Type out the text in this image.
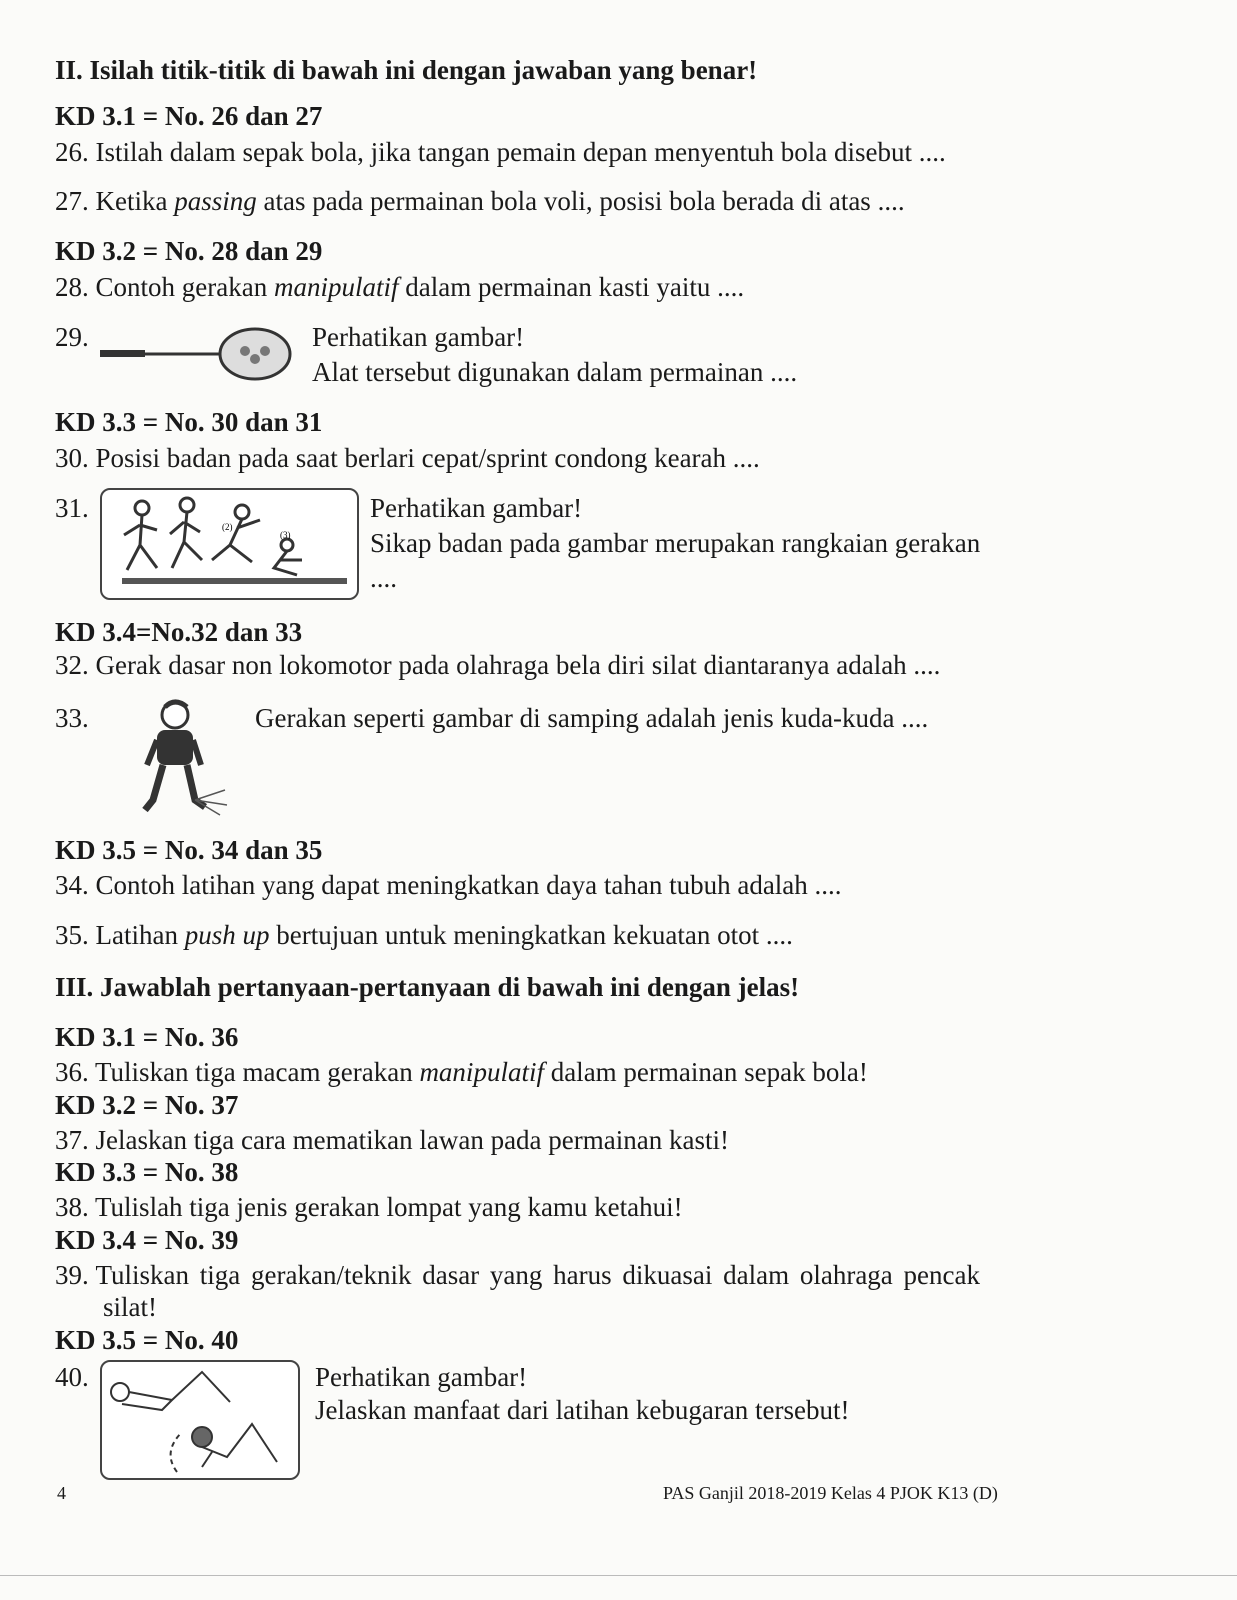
II. Isilah titik-titik di bawah ini dengan jawaban yang benar!
KD 3.1 = No. 26 dan 27
26. Istilah dalam sepak bola, jika tangan pemain depan menyentuh bola disebut ....
27. Ketika passing atas pada permainan bola voli, posisi bola berada di atas ....
KD 3.2 = No. 28 dan 29
28. Contoh gerakan manipulatif dalam permainan kasti yaitu ....
29.	Perhatikan gambar!
Alat tersebut digunakan dalam permainan ....
KD 3.3 = No. 30 dan 31
30. Posisi badan pada saat berlari cepat/sprint condong kearah ....
31.
(2)
(3)
Perhatikan gambar!
Sikap badan pada gambar merupakan rangkaian gerakan
....
KD 3.4=No.32 dan 33
32. Gerak dasar non lokomotor pada olahraga bela diri silat diantaranya adalah ....
33.	Gerakan seperti gambar di samping adalah jenis kuda-kuda ....
KD 3.5 = No. 34 dan 35
34. Contoh latihan yang dapat meningkatkan daya tahan tubuh adalah ....
35. Latihan push up bertujuan untuk meningkatkan kekuatan otot ....
III. Jawablah pertanyaan-pertanyaan di bawah ini dengan jelas!
KD 3.1 = No. 36
36. Tuliskan tiga macam gerakan manipulatif dalam permainan sepak bola!
KD 3.2 = No. 37
37. Jelaskan tiga cara mematikan lawan pada permainan kasti!
KD 3.3 = No. 38
38. Tulislah tiga jenis gerakan lompat yang kamu ketahui!
KD 3.4 = No. 39
39. Tuliskan tiga gerakan/teknik dasar yang harus dikuasai dalam olahraga pencak
silat!
KD 3.5 = No. 40
40.	Perhatikan gambar!
Jelaskan manfaat dari latihan kebugaran tersebut!
4	PAS Ganjil 2018-2019 Kelas 4 PJOK K13 (D)
